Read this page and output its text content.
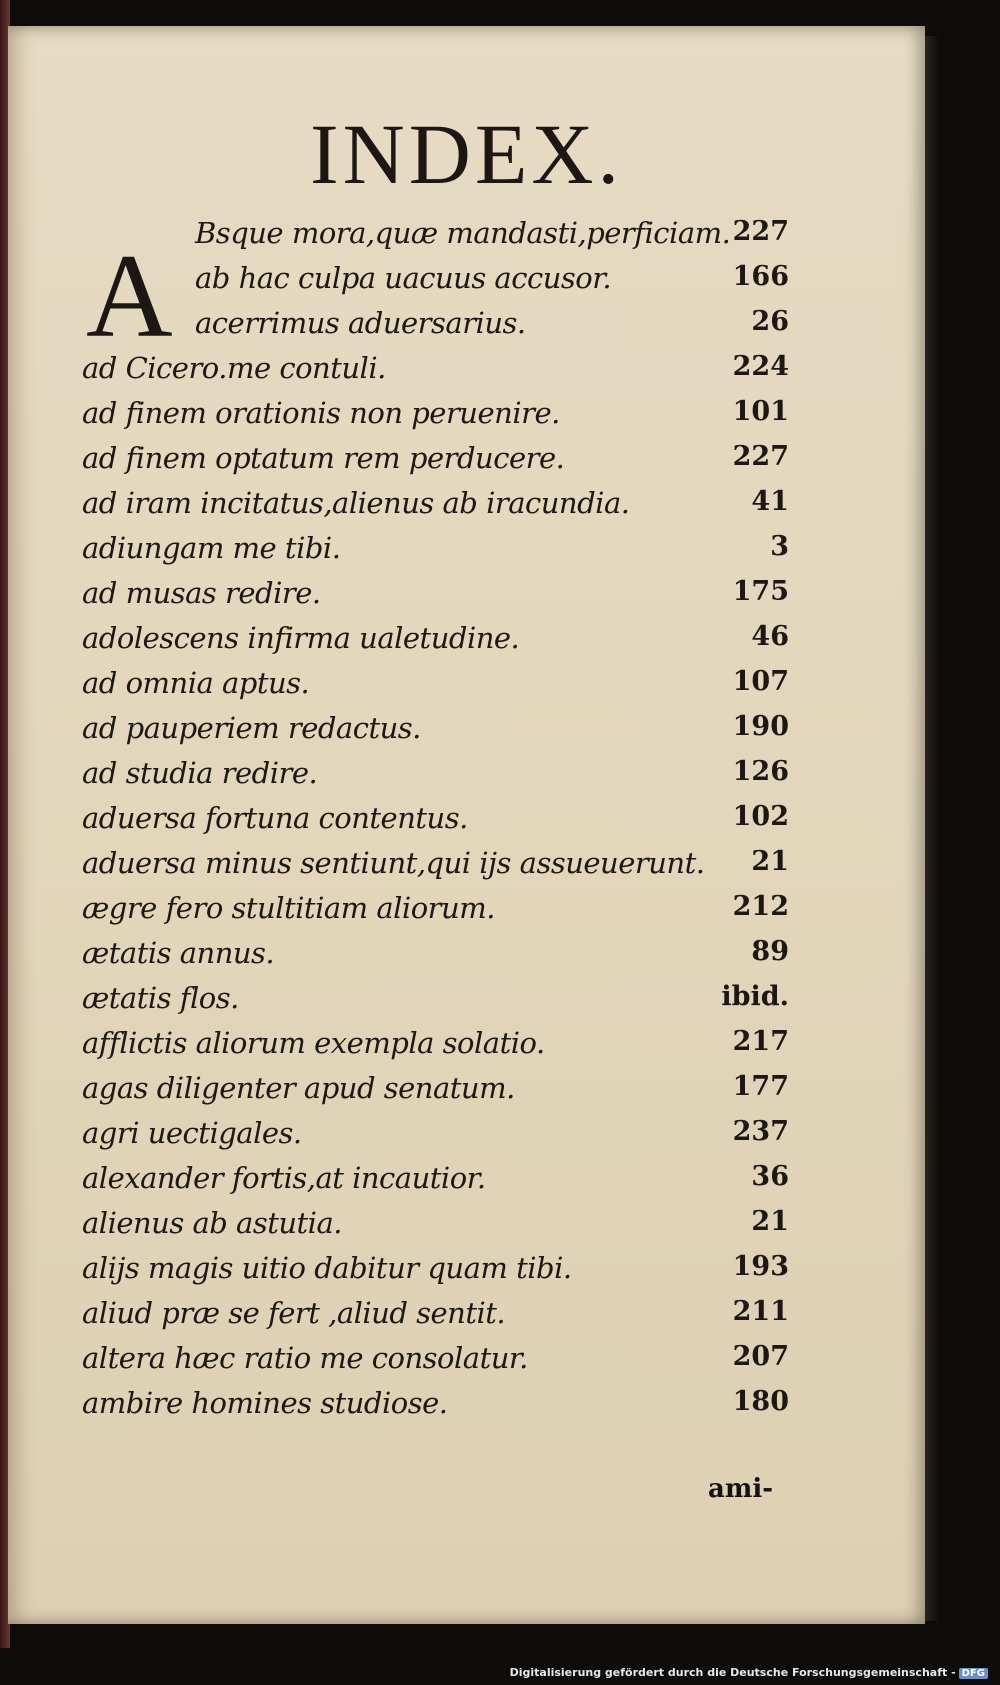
INDEX.
A Bsque mora,quæ mandasti,perficiam. 227
ab hac culpa uacuus accusor.	166
acerrimus aduersarius.	26
ad Cicero.me contuli.	224
ad finem orationis non peruenire.	101
ad finem optatum rem perducere.	227
ad iram incitatus,alienus ab iracundia.	41
adiungam me tibi.	3
ad musas redire.	175
adolescens infirma ualetudine.	46
ad omnia aptus.	107
ad pauperiem redactus.	190
ad studia redire.	126
aduersa fortuna contentus.	102
aduersa minus sentiunt,qui ijs assueuerunt. 21
ægre fero stultitiam aliorum.	212
ætatis annus.	89
ætatis flos.	ibid.
afflictis aliorum exempla solatio.	217
agas diligenter apud senatum.	177
agri uectigales.	237
alexander fortis,at incautior.	36
alienus ab astutia.	21
alijs magis uitio dabitur quam tibi.	193
aliud præ se fert ,aliud sentit.	211
altera hæc ratio me consolatur.	207
ambire homines studiose.	180
ami-
Digitalisierung gefördert durch die Deutsche Forschungsgemeinschaft - DFG
